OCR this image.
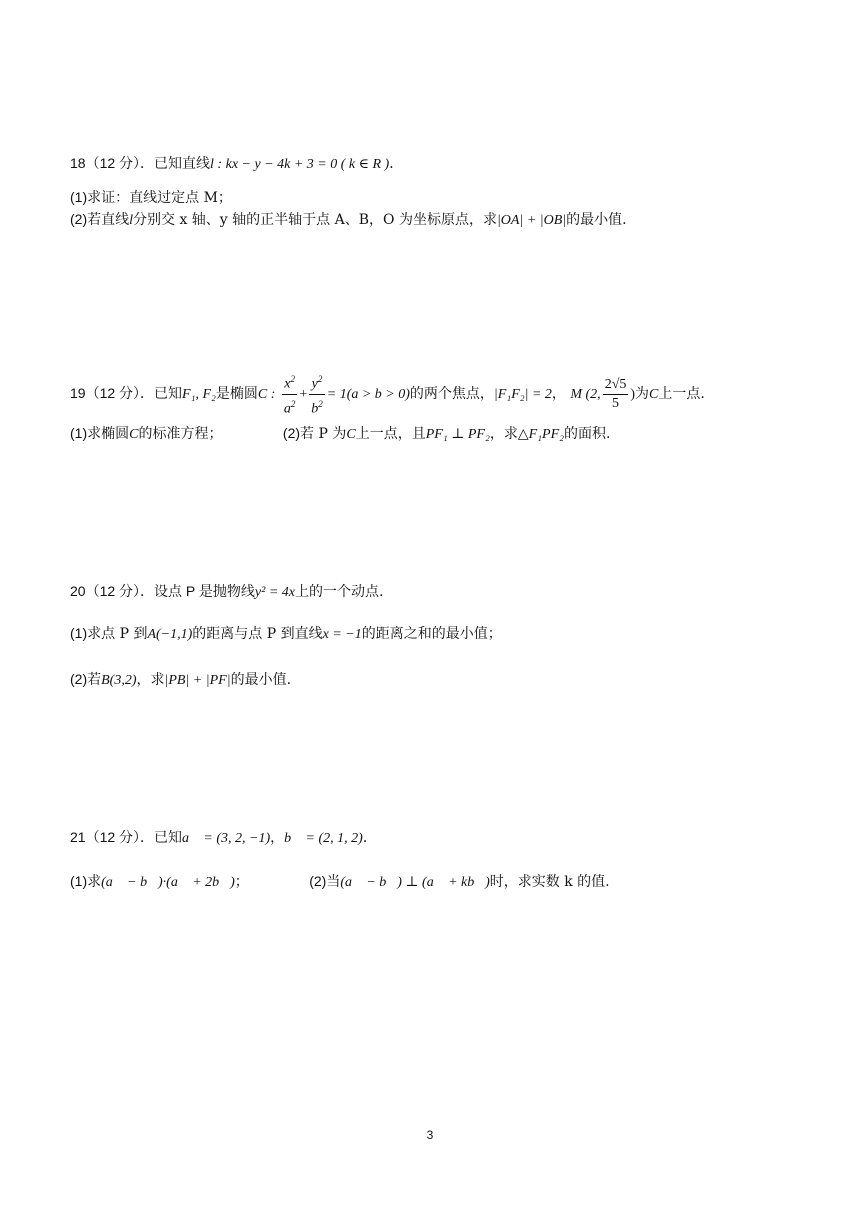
18（12 分）．已知直线l : kx − y − 4k + 3 = 0 ( k ∈ R )．
(1)求证：直线过定点 M；
(2)若直线l分别交 x 轴、y 轴的正半轴于点 A、B，O 为坐标原点，求|OA| + |OB|的最小值.
19（12 分）．已知F₁, F₂是椭圆C : $\frac{x^2}{a^2} + \frac{y^2}{b^2} = 1(a > b > 0)$的两个焦点，|F₁F₂| = 2， M (2, $\frac{2√5}{5}$ )为C上一点.
(1)求椭圆C的标准方程；	(2)若 P 为C上一点，且PF₁ ⊥ PF₂，求△F₁PF₂的面积.
20（12 分）．设点 P 是抛物线y² = 4x上的一个动点.
(1)求点 P 到A(−1,1)的距离与点 P 到直线x = −1的距离之和的最小值；
(2)若B(3,2)，求|PB| + |PF|的最小值.
21（12 分）．已知a⃗ = (3, 2, −1)，b⃗ = (2, 1, 2)．
(1)求(a⃗ − b⃗)·(a⃗ + 2b⃗)；	(2)当(a⃗ − b⃗) ⊥ (a⃗ + kb⃗)时，求实数 k 的值.
3
